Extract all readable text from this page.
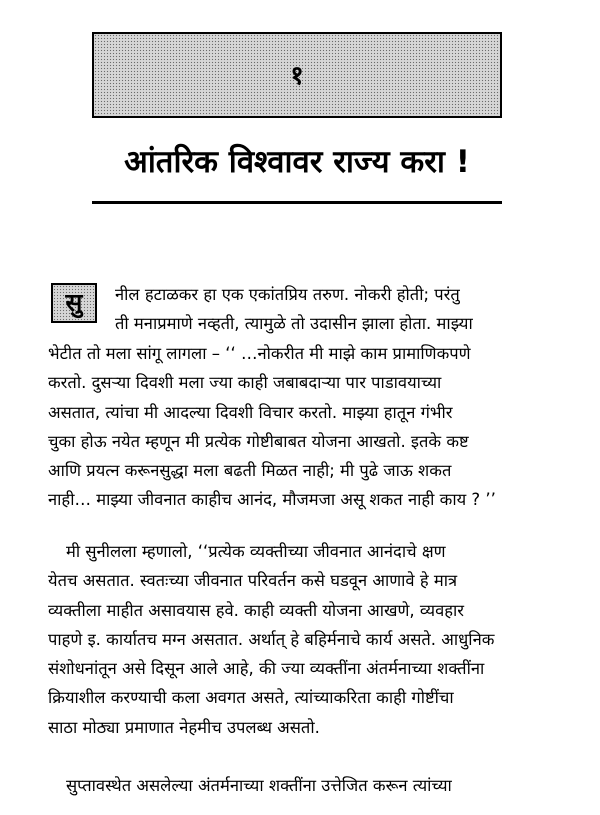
१
आंतरिक विश्वावर राज्य करा !
सु	नील हटाळकर हा एक एकांतप्रिय तरुण. नोकरी होती; परंतु
ती मनाप्रमाणे नव्हती, त्यामुळे तो उदासीन झाला होता. माझ्या
भेटीत तो मला सांगू लागला – ‘‘ …नोकरीत मी माझे काम प्रामाणिकपणे
करतो. दुसऱ्या दिवशी मला ज्या काही जबाबदाऱ्या पार पाडावयाच्या
असतात, त्यांचा मी आदल्या दिवशी विचार करतो. माझ्या हातून गंभीर
चुका होऊ नयेत म्हणून मी प्रत्येक गोष्टीबाबत योजना आखतो. इतके कष्ट
आणि प्रयत्न करूनसुद्धा मला बढती मिळत नाही; मी पुढे जाऊ शकत
नाही… माझ्या जीवनात काहीच आनंद, मौजमजा असू शकत नाही काय ? ’’
मी सुनीलला म्हणालो, ‘‘प्रत्येक व्यक्तीच्या जीवनात आनंदाचे क्षण
येतच असतात. स्वतःच्या जीवनात परिवर्तन कसे घडवून आणावे हे मात्र
व्यक्तीला माहीत असावयास हवे. काही व्यक्ती योजना आखणे, व्यवहार
पाहणे इ. कार्यातच मग्न असतात. अर्थात् हे बहिर्मनाचे कार्य असते. आधुनिक
संशोधनांतून असे दिसून आले आहे, की ज्या व्यक्तींना अंतर्मनाच्या शक्तींना
क्रियाशील करण्याची कला अवगत असते, त्यांच्याकरिता काही गोष्टींचा
साठा मोठ्या प्रमाणात नेहमीच उपलब्ध असतो.
सुप्तावस्थेत असलेल्या अंतर्मनाच्या शक्तींना उत्तेजित करून त्यांच्या
